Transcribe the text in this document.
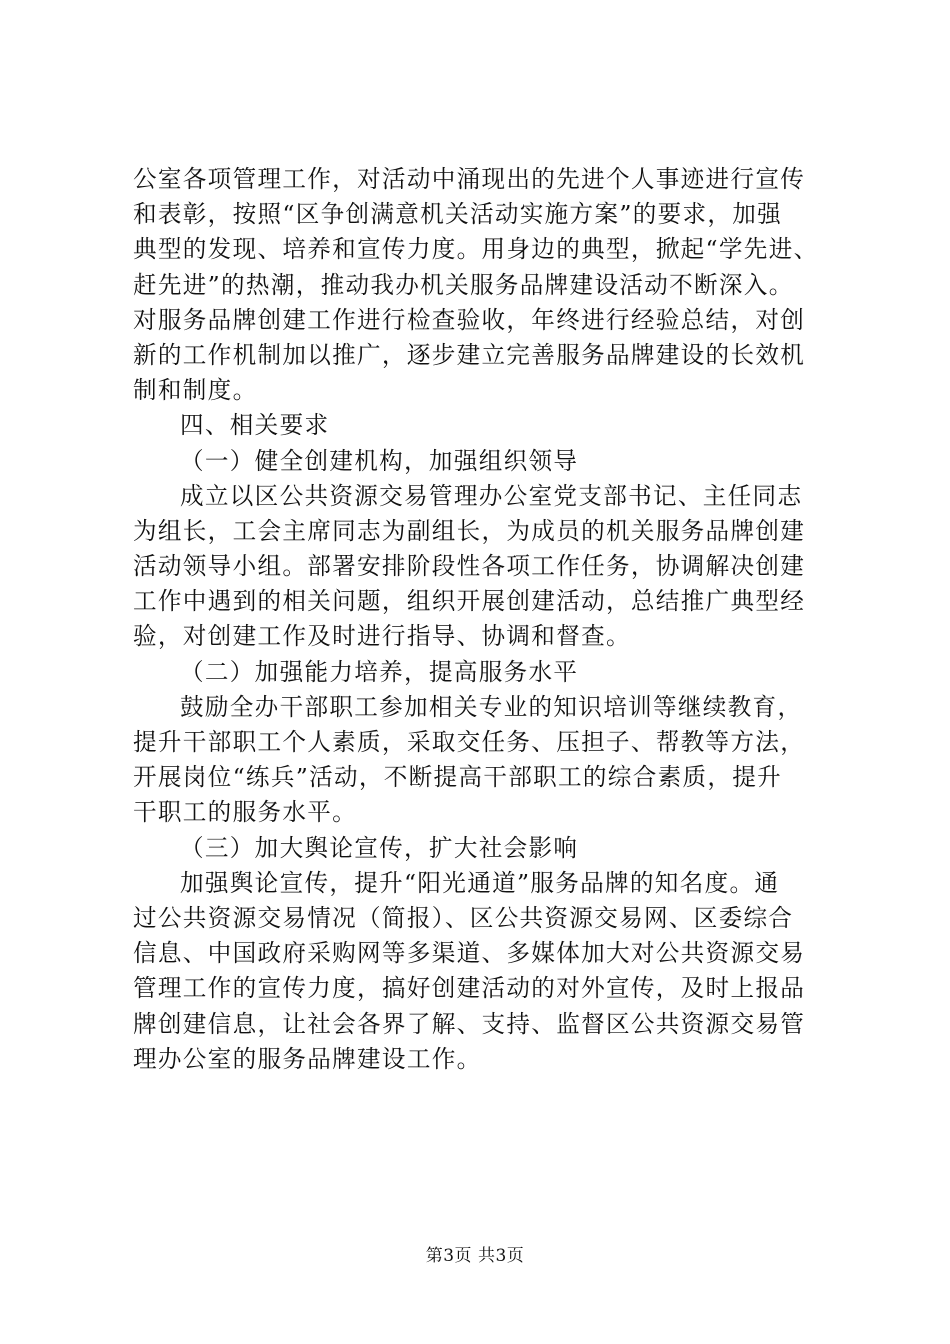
公室各项管理工作，对活动中涌现出的先进个人事迹进行宣传
和表彰，按照“区争创满意机关活动实施方案”的要求，加强
典型的发现、培养和宣传力度。用身边的典型，掀起“学先进、
赶先进”的热潮，推动我办机关服务品牌建设活动不断深入。
对服务品牌创建工作进行检查验收，年终进行经验总结，对创
新的工作机制加以推广，逐步建立完善服务品牌建设的长效机
制和制度。
四、相关要求
（一）健全创建机构，加强组织领导
成立以区公共资源交易管理办公室党支部书记、主任同志
为组长，工会主席同志为副组长，为成员的机关服务品牌创建
活动领导小组。部署安排阶段性各项工作任务，协调解决创建
工作中遇到的相关问题，组织开展创建活动，总结推广典型经
验，对创建工作及时进行指导、协调和督查。
（二）加强能力培养，提高服务水平
鼓励全办干部职工参加相关专业的知识培训等继续教育，
提升干部职工个人素质，采取交任务、压担子、帮教等方法，
开展岗位“练兵”活动，不断提高干部职工的综合素质，提升
干职工的服务水平。
（三）加大舆论宣传，扩大社会影响
加强舆论宣传，提升“阳光通道”服务品牌的知名度。通
过公共资源交易情况（简报）、区公共资源交易网、区委综合
信息、中国政府采购网等多渠道、多媒体加大对公共资源交易
管理工作的宣传力度，搞好创建活动的对外宣传，及时上报品
牌创建信息，让社会各界了解、支持、监督区公共资源交易管
理办公室的服务品牌建设工作。
第3页 共3页
